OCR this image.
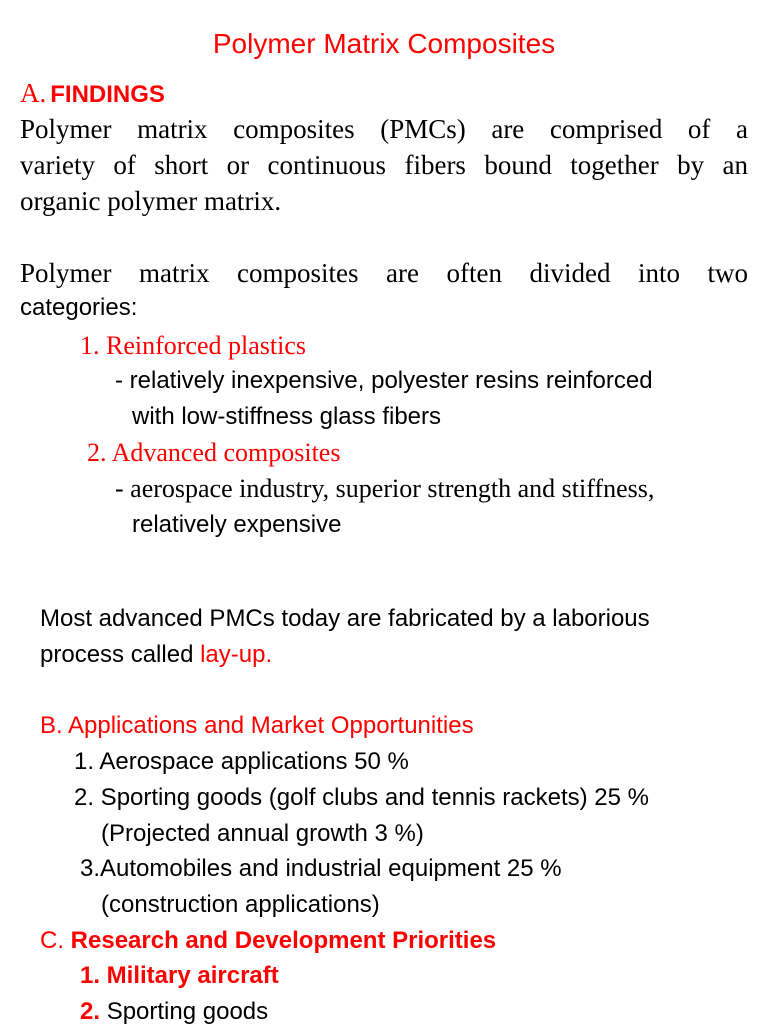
Polymer Matrix Composites
A. FINDINGS
Polymer matrix composites (PMCs) are comprised of a
variety of short or continuous fibers bound together by an
organic polymer matrix.
Polymer matrix composites are often divided into two
categories:
1. Reinforced plastics
- relatively inexpensive, polyester resins reinforced
with low-stiffness glass fibers
2. Advanced composites
- aerospace industry, superior strength and stiffness,
relatively expensive
Most advanced PMCs today are fabricated by a laborious
process called lay-up.
B. Applications and Market Opportunities
1. Aerospace applications 50 %
2. Sporting goods (golf clubs and tennis rackets) 25 %
(Projected annual growth 3 %)
3.Automobiles and industrial equipment 25 %
(construction applications)
C. Research and Development Priorities
1. Military aircraft
2. Sporting goods
